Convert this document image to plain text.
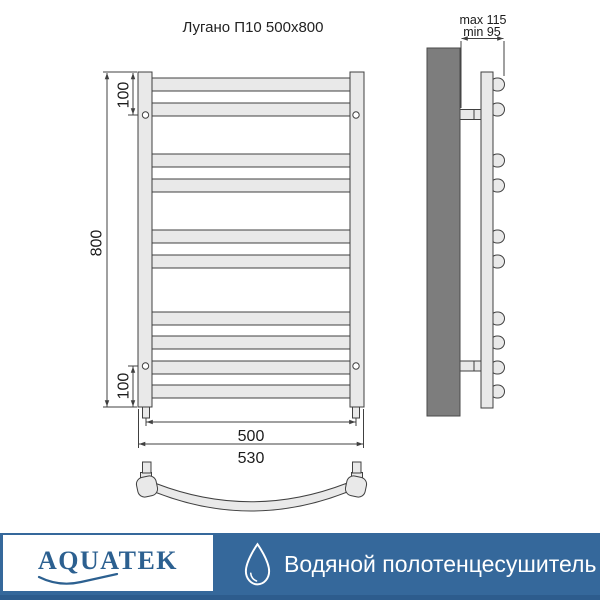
Лугано П10 500x800
800
100
100
500
530
max 115
min 95
AQUATEK	Водяной полотенцесушитель
